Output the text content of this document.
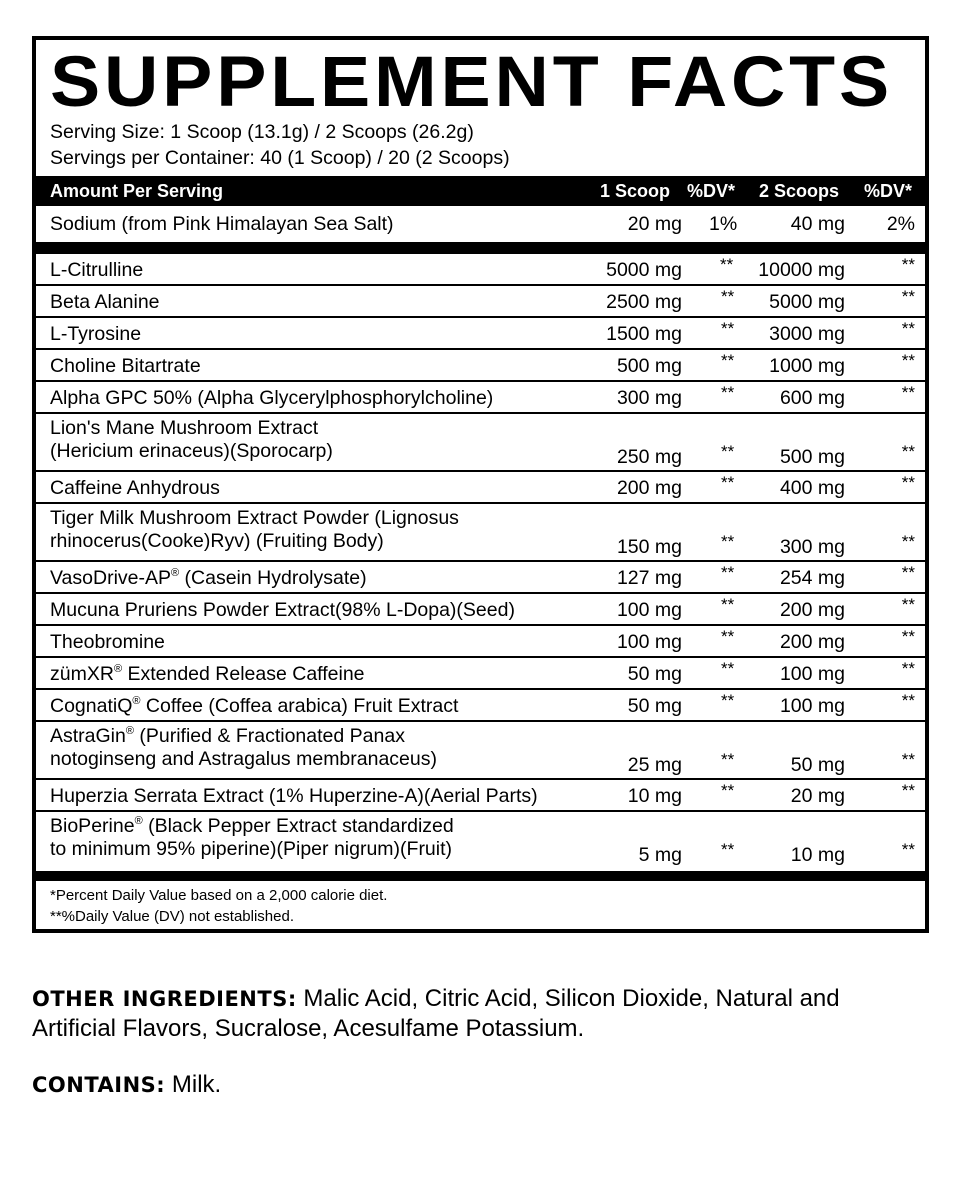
SUPPLEMENT FACTS
Serving Size: 1 Scoop (13.1g) / 2 Scoops (26.2g)
Servings per Container: 40 (1 Scoop) / 20 (2 Scoops)
Amount Per Serving	1 Scoop %DV* 2 Scoops %DV*
Sodium (from Pink Himalayan Sea Salt)	20 mg 1%	40 mg 2%
L-Citrulline	5000 mg ** 10000 mg	**
Beta Alanine	2500 mg ** 5000 mg	**
L-Tyrosine	1500 mg ** 3000 mg	**
Choline Bitartrate	500 mg ** 1000 mg	**
Alpha GPC 50% (Alpha Glycerylphosphorylcholine)	300 mg ** 600 mg	**
Lion's Mane Mushroom Extract
(Hericium erinaceus)(Sporocarp)	250 mg ** 500 mg	**
Caffeine Anhydrous	200 mg ** 400 mg	**
Tiger Milk Mushroom Extract Powder (Lignosus
rhinocerus(Cooke)Ryv) (Fruiting Body)	150 mg ** 300 mg	**
VasoDrive-AP® (Casein Hydrolysate)	127 mg ** 254 mg	**
Mucuna Pruriens Powder Extract(98% L-Dopa)(Seed)	100 mg ** 200 mg	**
Theobromine	100 mg ** 200 mg	**
zümXR® Extended Release Caffeine	50 mg ** 100 mg	**
CognatiQ® Coffee (Coffea arabica) Fruit Extract	50 mg ** 100 mg	**
AstraGin® (Purified & Fractionated Panax
notoginseng and Astragalus membranaceus)	25 mg **	50 mg	**
Huperzia Serrata Extract (1% Huperzine-A)(Aerial Parts)	10 mg **	20 mg	**
BioPerine® (Black Pepper Extract standardized
to minimum 95% piperine)(Piper nigrum)(Fruit)	5 mg **	10 mg	**
*Percent Daily Value based on a 2,000 calorie diet.
**%Daily Value (DV) not established.
OTHER INGREDIENTS: Malic Acid, Citric Acid, Silicon Dioxide, Natural and Artificial Flavors, Sucralose, Acesulfame Potassium.
CONTAINS: Milk.
